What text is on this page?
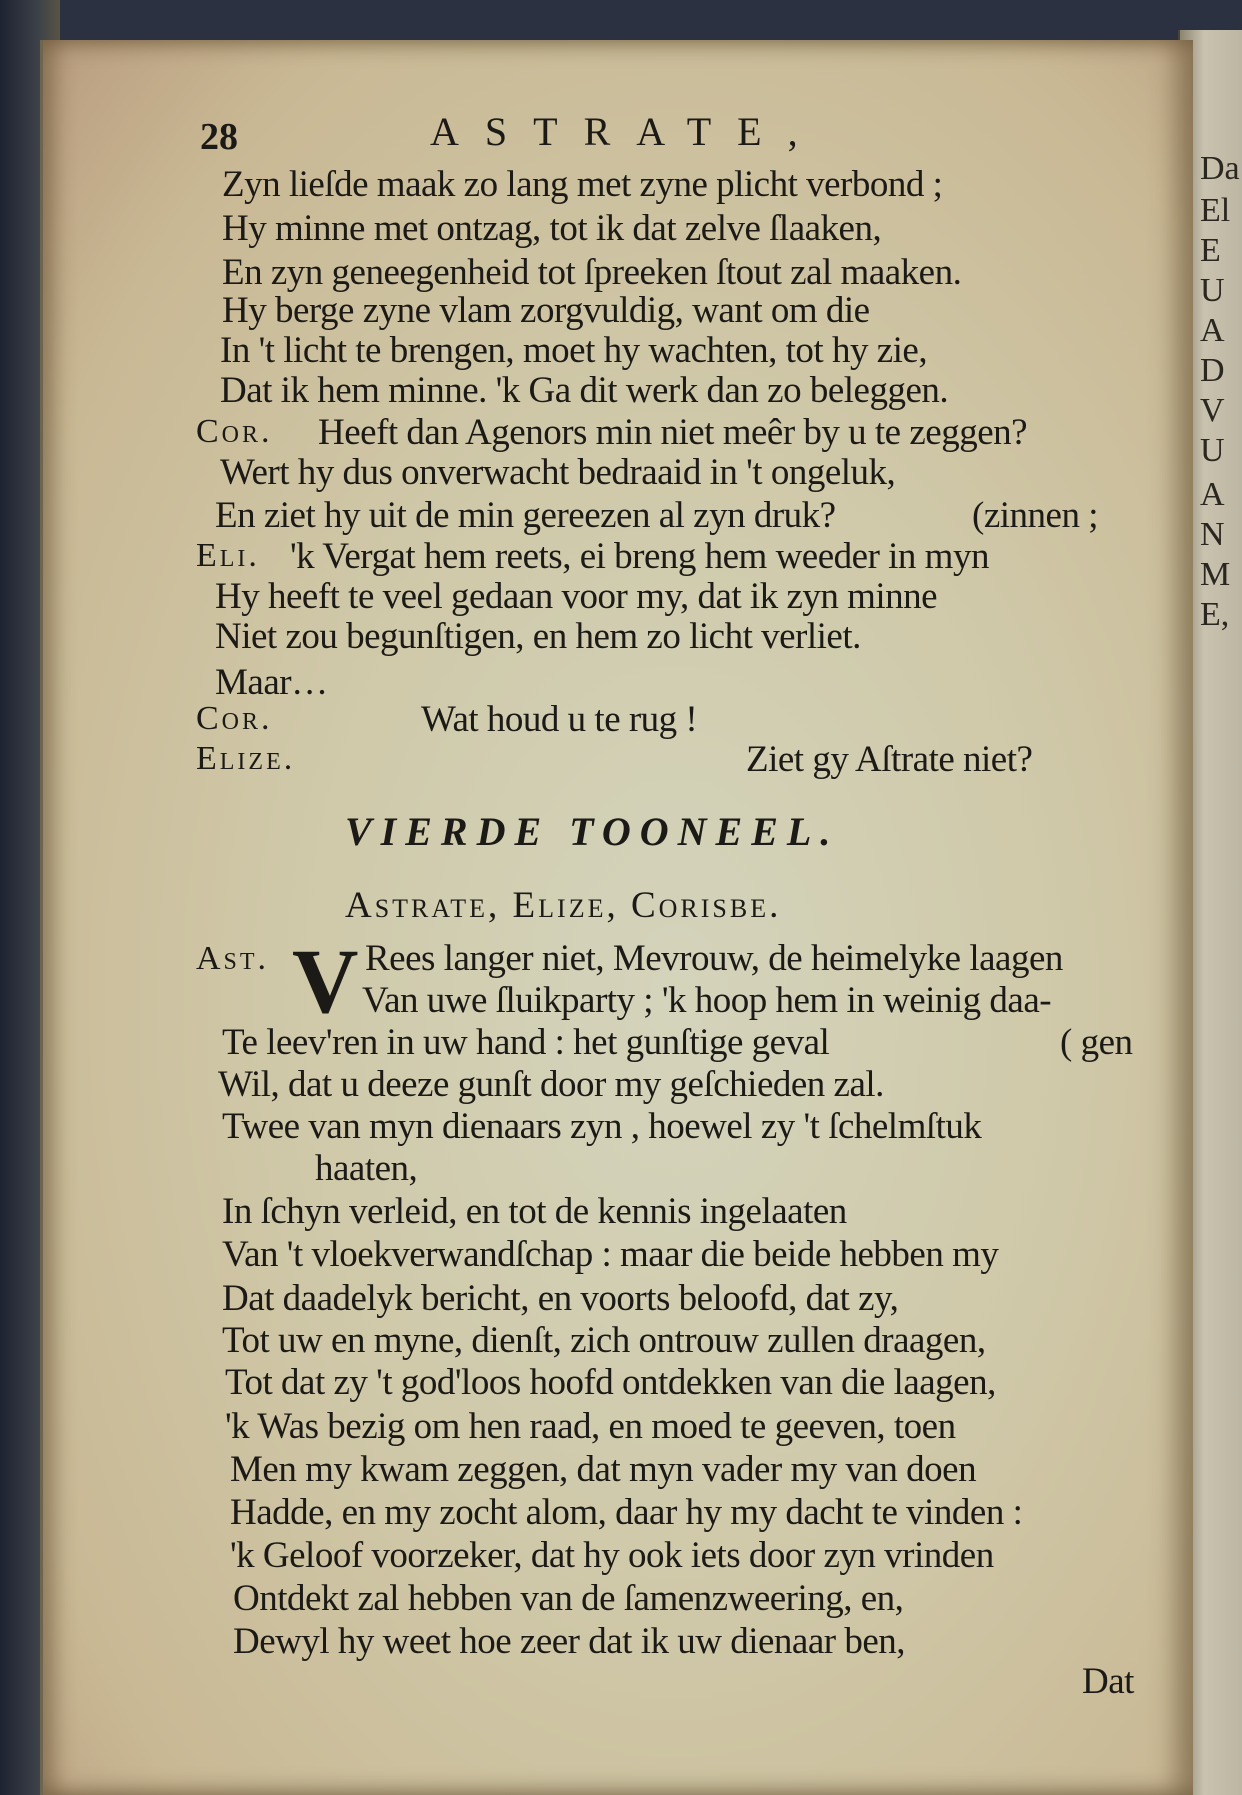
Da
El
E
U
A
D
V
U
A
N
M
E,
28	ASTRATE,
Zyn lieſde maak zo lang met zyne plicht verbond ;
Hy minne met ontzag, tot ik dat zelve ſlaaken,
En zyn geneegenheid tot ſpreeken ſtout zal maaken.
Hy berge zyne vlam zorgvuldig, want om die
In 't licht te brengen, moet hy wachten, tot hy zie,
Dat ik hem minne. 'k Ga dit werk dan zo beleggen.
Cor. Heeft dan Agenors min niet meêr by u te zeggen?
Wert hy dus onverwacht bedraaid in 't ongeluk,
En ziet hy uit de min gereezen al zyn druk?	(zinnen ;
Eli. 'k Vergat hem reets, ei breng hem weeder in myn
Hy heeft te veel gedaan voor my, dat ik zyn minne
Niet zou begunſtigen, en hem zo licht verliet.
Maar…
Cor.	Wat houd u te rug !
Elize.	Ziet gy Aſtrate niet?
VIERDE TOONEEL.
Astrate, Elize, Corisbe.
Ast. V Rees langer niet, Mevrouw, de heimelyke laagen
Van uwe ſluikparty ; 'k hoop hem in weinig daa-
Te leev'ren in uw hand : het gunſtige geval	( gen
Wil, dat u deeze gunſt door my geſchieden zal.
Twee van myn dienaars zyn , hoewel zy 't ſchelmſtuk
haaten,
In ſchyn verleid, en tot de kennis ingelaaten
Van 't vloekverwandſchap : maar die beide hebben my
Dat daadelyk bericht, en voorts beloofd, dat zy,
Tot uw en myne, dienſt, zich ontrouw zullen draagen,
Tot dat zy 't god'loos hoofd ontdekken van die laagen,
'k Was bezig om hen raad, en moed te geeven, toen
Men my kwam zeggen, dat myn vader my van doen
Hadde, en my zocht alom, daar hy my dacht te vinden :
'k Geloof voorzeker, dat hy ook iets door zyn vrinden
Ontdekt zal hebben van de ſamenzweering, en,
Dewyl hy weet hoe zeer dat ik uw dienaar ben,
Dat
